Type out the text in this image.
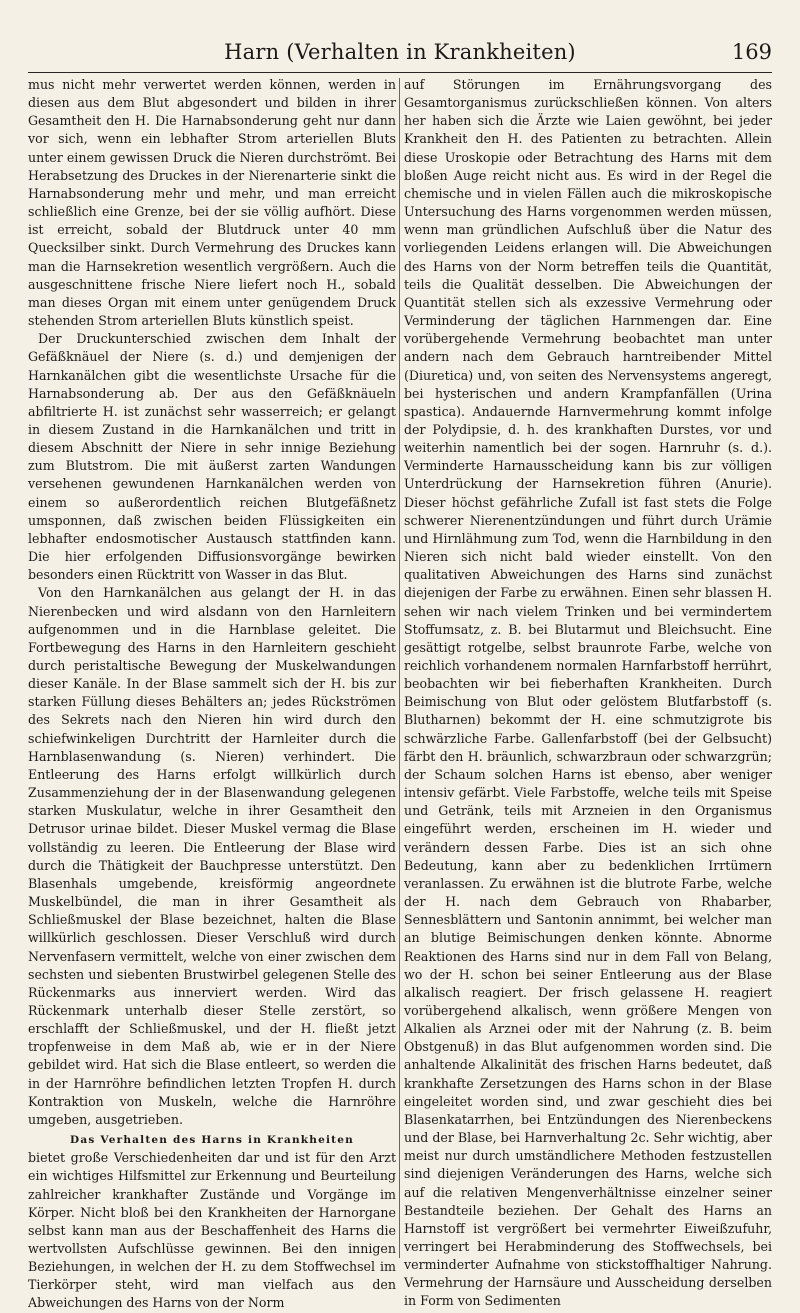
Harn (Verhalten in Krankheiten)	169

mus nicht mehr verwertet werden können, werden in diesen aus dem Blut abgesondert und bilden in ihrer Gesamtheit den H. Die Harnabsonderung geht nur dann vor sich, wenn ein lebhafter Strom arteriellen Bluts unter einem gewissen Druck die Nieren durchströmt. Bei Herabsetzung des Druckes in der Nierenarterie sinkt die Harnabsonderung mehr und mehr, und man erreicht schließlich eine Grenze, bei der sie völlig aufhört. Diese ist erreicht, sobald der Blutdruck unter 40 mm Quecksilber sinkt. Durch Vermehrung des Druckes kann man die Harnsekretion wesentlich vergrößern. Auch die ausgeschnittene frische Niere liefert noch H., sobald man dieses Organ mit einem unter genügendem Druck stehenden Strom arteriellen Bluts künstlich speist.

Der Druckunterschied zwischen dem Inhalt der Gefäßknäuel der Niere (s. d.) und demjenigen der Harnkanälchen gibt die wesentlichste Ursache für die Harnabsonderung ab. Der aus den Gefäßknäueln abfiltrierte H. ist zunächst sehr wasserreich; er gelangt in diesem Zustand in die Harnkanälchen und tritt in diesem Abschnitt der Niere in sehr innige Beziehung zum Blutstrom. Die mit äußerst zarten Wandungen versehenen gewundenen Harnkanälchen werden von einem so außerordentlich reichen Blutgefäßnetz umsponnen, daß zwischen beiden Flüssigkeiten ein lebhafter endosmotischer Austausch stattfinden kann. Die hier erfolgenden Diffusionsvorgänge bewirken besonders einen Rücktritt von Wasser in das Blut.

Von den Harnkanälchen aus gelangt der H. in das Nierenbecken und wird alsdann von den Harnleitern aufgenommen und in die Harnblase geleitet. Die Fortbewegung des Harns in den Harnleitern geschieht durch peristaltische Bewegung der Muskelwandungen dieser Kanäle. In der Blase sammelt sich der H. bis zur starken Füllung dieses Behälters an; jedes Rückströmen des Sekrets nach den Nieren hin wird durch den schiefwinkeligen Durchtritt der Harnleiter durch die Harnblasenwandung (s. Nieren) verhindert. Die Entleerung des Harns erfolgt willkürlich durch Zusammenziehung der in der Blasenwandung gelegenen starken Muskulatur, welche in ihrer Gesamtheit den Detrusor urinae bildet. Dieser Muskel vermag die Blase vollständig zu leeren. Die Entleerung der Blase wird durch die Thätigkeit der Bauchpresse unterstützt. Den Blasenhals umgebende, kreisförmig angeordnete Muskelbündel, die man in ihrer Gesamtheit als Schließmuskel der Blase bezeichnet, halten die Blase willkürlich geschlossen. Dieser Verschluß wird durch Nervenfasern vermittelt, welche von einer zwischen dem sechsten und siebenten Brustwirbel gelegenen Stelle des Rückenmarks aus innerviert werden. Wird das Rückenmark unterhalb dieser Stelle zerstört, so erschlafft der Schließmuskel, und der H. fließt jetzt tropfenweise in dem Maß ab, wie er in der Niere gebildet wird. Hat sich die Blase entleert, so werden die in der Harnröhre befindlichen letzten Tropfen H. durch Kontraktion von Muskeln, welche die Harnröhre umgeben, ausgetrieben.

Das Verhalten des Harns in Krankheiten

bietet große Verschiedenheiten dar und ist für den Arzt ein wichtiges Hilfsmittel zur Erkennung und Beurteilung zahlreicher krankhafter Zustände und Vorgänge im Körper. Nicht bloß bei den Krankheiten der Harnorgane selbst kann man aus der Beschaffenheit des Harns die wertvollsten Aufschlüsse gewinnen. Bei den innigen Beziehungen, in welchen der H. zu dem Stoffwechsel im Tierkörper steht, wird man vielfach aus den Abweichungen des Harns von der Norm

auf Störungen im Ernährungsvorgang des Gesamtorganismus zurückschließen können. Von alters her haben sich die Ärzte wie Laien gewöhnt, bei jeder Krankheit den H. des Patienten zu betrachten. Allein diese Uroskopie oder Betrachtung des Harns mit dem bloßen Auge reicht nicht aus. Es wird in der Regel die chemische und in vielen Fällen auch die mikroskopische Untersuchung des Harns vorgenommen werden müssen, wenn man gründlichen Aufschluß über die Natur des vorliegenden Leidens erlangen will. Die Abweichungen des Harns von der Norm betreffen teils die Quantität, teils die Qualität desselben. Die Abweichungen der Quantität stellen sich als exzessive Vermehrung oder Verminderung der täglichen Harnmengen dar. Eine vorübergehende Vermehrung beobachtet man unter andern nach dem Gebrauch harntreibender Mittel (Diuretica) und, von seiten des Nervensystems angeregt, bei hysterischen und andern Krampfanfällen (Urina spastica). Andauernde Harnvermehrung kommt infolge der Polydipsie, d. h. des krankhaften Durstes, vor und weiterhin namentlich bei der sogen. Harnruhr (s. d.). Verminderte Harnausscheidung kann bis zur völligen Unterdrückung der Harnsekretion führen (Anurie). Dieser höchst gefährliche Zufall ist fast stets die Folge schwerer Nierenentzündungen und führt durch Urämie und Hirnlähmung zum Tod, wenn die Harnbildung in den Nieren sich nicht bald wieder einstellt. Von den qualitativen Abweichungen des Harns sind zunächst diejenigen der Farbe zu erwähnen. Einen sehr blassen H. sehen wir nach vielem Trinken und bei vermindertem Stoffumsatz, z. B. bei Blutarmut und Bleichsucht. Eine gesättigt rotgelbe, selbst braunrote Farbe, welche von reichlich vorhandenem normalen Harnfarbstoff herrührt, beobachten wir bei fieberhaften Krankheiten. Durch Beimischung von Blut oder gelöstem Blutfarbstoff (s. Blutharnen) bekommt der H. eine schmutzigrote bis schwärzliche Farbe. Gallenfarbstoff (bei der Gelbsucht) färbt den H. bräunlich, schwarzbraun oder schwarzgrün; der Schaum solchen Harns ist ebenso, aber weniger intensiv gefärbt. Viele Farbstoffe, welche teils mit Speise und Getränk, teils mit Arzneien in den Organismus eingeführt werden, erscheinen im H. wieder und verändern dessen Farbe. Dies ist an sich ohne Bedeutung, kann aber zu bedenklichen Irrtümern veranlassen. Zu erwähnen ist die blutrote Farbe, welche der H. nach dem Gebrauch von Rhabarber, Sennesblättern und Santonin annimmt, bei welcher man an blutige Beimischungen denken könnte. Abnorme Reaktionen des Harns sind nur in dem Fall von Belang, wo der H. schon bei seiner Entleerung aus der Blase alkalisch reagiert. Der frisch gelassene H. reagiert vorübergehend alkalisch, wenn größere Mengen von Alkalien als Arznei oder mit der Nahrung (z. B. beim Obstgenuß) in das Blut aufgenommen worden sind. Die anhaltende Alkalinität des frischen Harns bedeutet, daß krankhafte Zersetzungen des Harns schon in der Blase eingeleitet worden sind, und zwar geschieht dies bei Blasenkatarrhen, bei Entzündungen des Nierenbeckens und der Blase, bei Harnverhaltung 2c. Sehr wichtig, aber meist nur durch umständlichere Methoden festzustellen sind diejenigen Veränderungen des Harns, welche sich auf die relativen Mengenverhältnisse einzelner seiner Bestandteile beziehen. Der Gehalt des Harns an Harnstoff ist vergrößert bei vermehrter Eiweißzufuhr, verringert bei Herabminderung des Stoffwechsels, bei verminderter Aufnahme von stickstoffhaltiger Nahrung. Vermehrung der Harnsäure und Ausscheidung derselben in Form von Sedimenten
